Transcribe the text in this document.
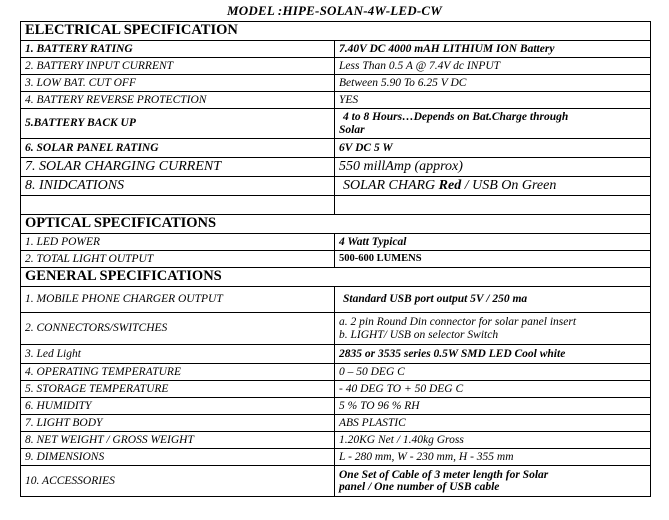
MODEL :HIPE-SOLAN-4W-LED-CW
ELECTRICAL SPECIFICATION	
1. BATTERY RATING	7.40V DC 4000 mAH LITHIUM ION Battery
2. BATTERY INPUT CURRENT	Less Than 0.5 A @ 7.4V dc INPUT
3. LOW BAT. CUT OFF	Between 5.90 To 6.25 V DC
4. BATTERY REVERSE PROTECTION	YES
5.BATTERY BACK UP	4 to 8 Hours…Depends on Bat.Charge through
Solar

6. SOLAR PANEL RATING	6V DC 5 W
7. SOLAR CHARGING CURRENT	550 millAmp (approx)
8. INIDCATIONS	SOLAR CHARG Red / USB On Green

OPTICAL SPECIFICATIONS	
1. LED POWER	4 Watt Typical
2. TOTAL LIGHT OUTPUT	500-600 LUMENS
GENERAL SPECIFICATIONS	
1. MOBILE PHONE CHARGER OUTPUT	Standard USB port output 5V / 250 ma
2. CONNECTORS/SWITCHES	a. 2 pin Round Din connector for solar panel insert
b. LIGHT/ USB on selector Switch

3. Led Light	2835 or 3535 series 0.5W SMD LED Cool white
4. OPERATING TEMPERATURE	0 – 50 DEG C
5. STORAGE TEMPERATURE	- 40 DEG TO + 50 DEG C
6. HUMIDITY	5 % TO 96 % RH
7. LIGHT BODY	ABS PLASTIC
8. NET WEIGHT / GROSS WEIGHT	1.20KG Net / 1.40kg Gross
9. DIMENSIONS	L - 280 mm, W - 230 mm, H - 355 mm
10. ACCESSORIES	One Set of Cable of 3 meter length for Solar
panel / One number of USB cable
